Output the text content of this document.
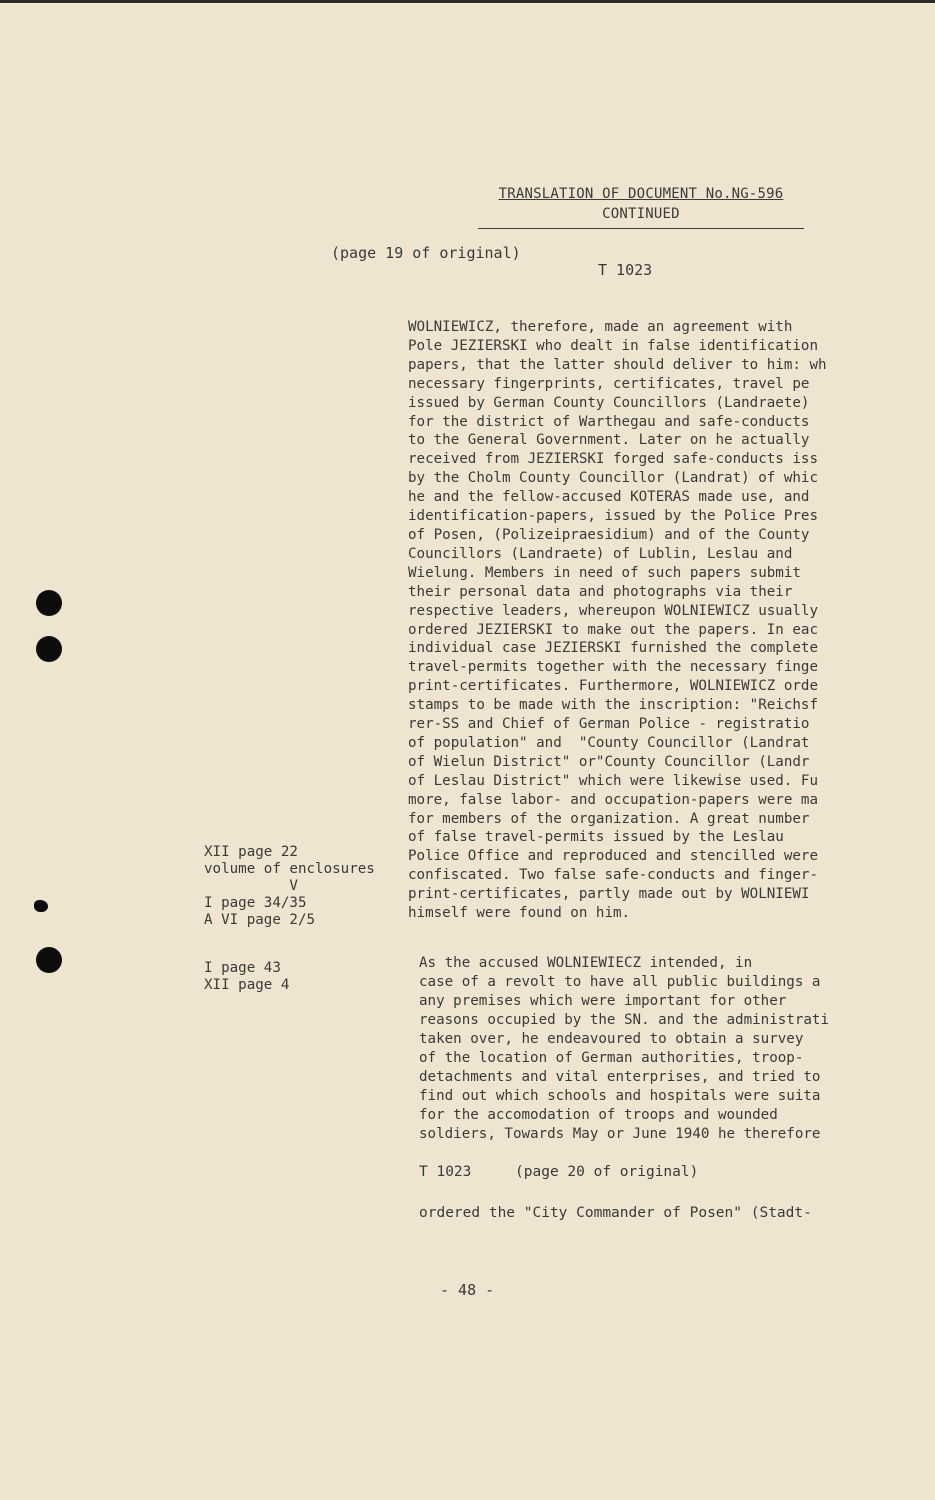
TRANSLATION OF DOCUMENT No.NG-596
CONTINUED
(page 19 of original)
T 1023
WOLNIEWICZ, therefore, made an agreement with
Pole JEZIERSKI who dealt in false identification
papers, that the latter should deliver to him: wh
necessary fingerprints, certificates, travel pe
issued by German County Councillors (Landraete)
for the district of Warthegau and safe-conducts
to the General Government. Later on he actually
received from JEZIERSKI forged safe-conducts iss
by the Cholm County Councillor (Landrat) of whic
he and the fellow-accused KOTERAS made use, and
identification-papers, issued by the Police Pres
of Posen, (Polizeipraesidium) and of the County
Councillors (Landraete) of Lublin, Leslau and
Wielung. Members in need of such papers submit
their personal data and photographs via their
respective leaders, whereupon WOLNIEWICZ usually
ordered JEZIERSKI to make out the papers. In eac
individual case JEZIERSKI furnished the complete
travel-permits together with the necessary finge
print-certificates. Furthermore, WOLNIEWICZ orde
stamps to be made with the inscription: "Reichsf
rer-SS and Chief of German Police - registratio
of population" and  "County Councillor (Landrat
of Wielun District" or"County Councillor (Landr
of Leslau District" which were likewise used. Fu
more, false labor- and occupation-papers were ma
for members of the organization. A great number
of false travel-permits issued by the Leslau
Police Office and reproduced and stencilled were
confiscated. Two false safe-conducts and finger-
print-certificates, partly made out by WOLNIEWI
himself were found on him.
XII page 22
volume of enclosures
V
I page 34/35
A VI page 2/5
I page 43
XII page 4
As the accused WOLNIEWIECZ intended, in
case of a revolt to have all public buildings a
any premises which were important for other
reasons occupied by the SN. and the administrati
taken over, he endeavoured to obtain a survey
of the location of German authorities, troop-
detachments and vital enterprises, and tried to
find out which schools and hospitals were suita
for the accomodation of troops and wounded
soldiers, Towards May or June 1940 he therefore
T 1023     (page 20 of original)
ordered the "City Commander of Posen" (Stadt-
- 48 -
